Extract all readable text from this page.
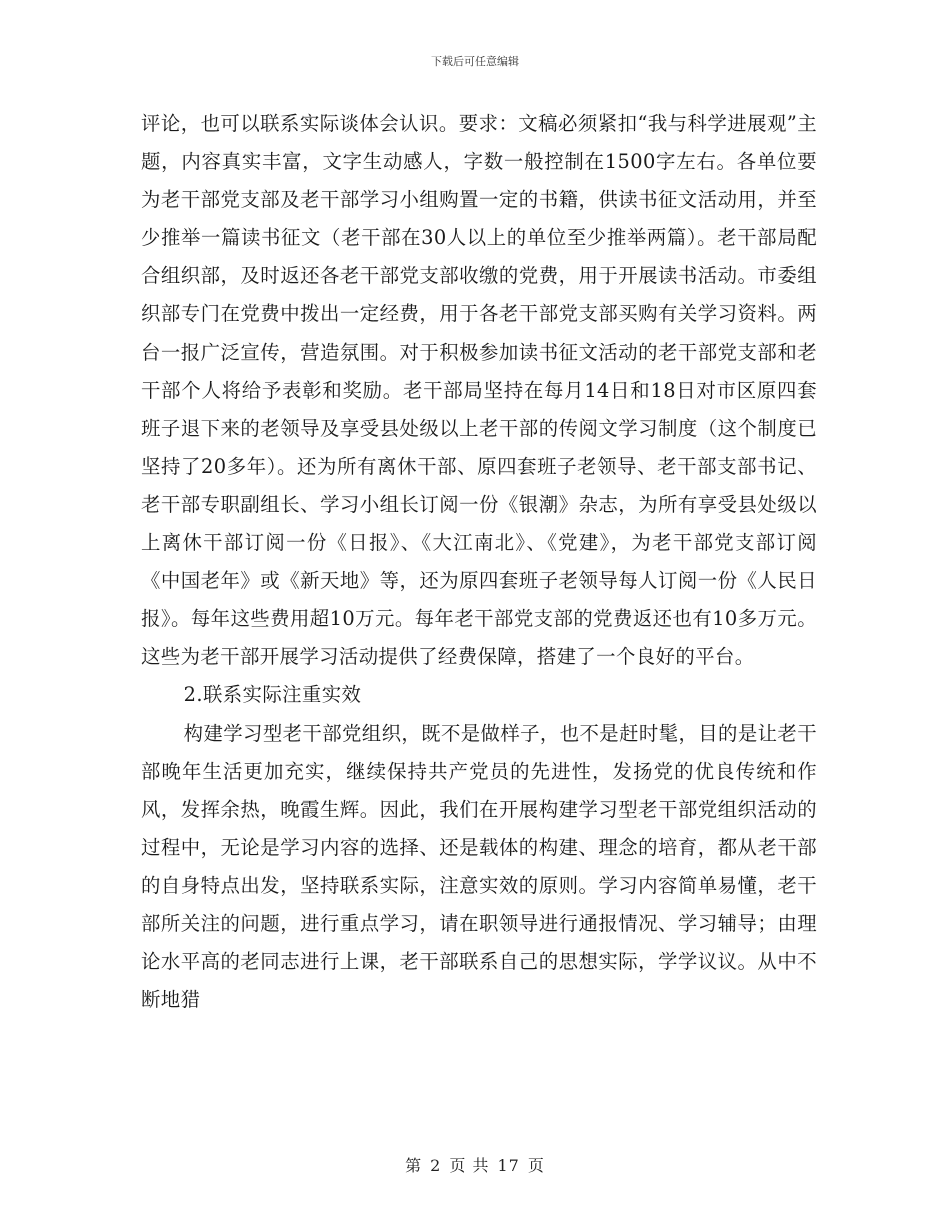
下载后可任意编辑

评论，也可以联系实际谈体会认识。要求：文稿必须紧扣“我与科学进展观”主题，内容真实丰富，文字生动感人，字数一般控制在1500字左右。各单位要为老干部党支部及老干部学习小组购置一定的书籍，供读书征文活动用，并至少推举一篇读书征文（老干部在30人以上的单位至少推举两篇）。老干部局配合组织部，及时返还各老干部党支部收缴的党费，用于开展读书活动。市委组织部专门在党费中拨出一定经费，用于各老干部党支部买购有关学习资料。两台一报广泛宣传，营造氛围。对于积极参加读书征文活动的老干部党支部和老干部个人将给予表彰和奖励。老干部局坚持在每月14日和18日对市区原四套班子退下来的老领导及享受县处级以上老干部的传阅文学习制度（这个制度已坚持了20多年）。还为所有离休干部、原四套班子老领导、老干部支部书记、老干部专职副组长、学习小组长订阅一份《银潮》杂志，为所有享受县处级以上离休干部订阅一份《日报》、《大江南北》、《党建》，为老干部党支部订阅《中国老年》或《新天地》等，还为原四套班子老领导每人订阅一份《人民日报》。每年这些费用超10万元。每年老干部党支部的党费返还也有10多万元。这些为老干部开展学习活动提供了经费保障，搭建了一个良好的平台。

2.联系实际注重实效

构建学习型老干部党组织，既不是做样子，也不是赶时髦，目的是让老干部晚年生活更加充实，继续保持共产党员的先进性，发扬党的优良传统和作风，发挥余热，晚霞生辉。因此，我们在开展构建学习型老干部党组织活动的过程中，无论是学习内容的选择、还是载体的构建、理念的培育，都从老干部的自身特点出发，坚持联系实际，注意实效的原则。学习内容简单易懂，老干部所关注的问题，进行重点学习，请在职领导进行通报情况、学习辅导；由理论水平高的老同志进行上课，老干部联系自己的思想实际，学学议议。从中不断地猎

第 2 页 共 17 页
